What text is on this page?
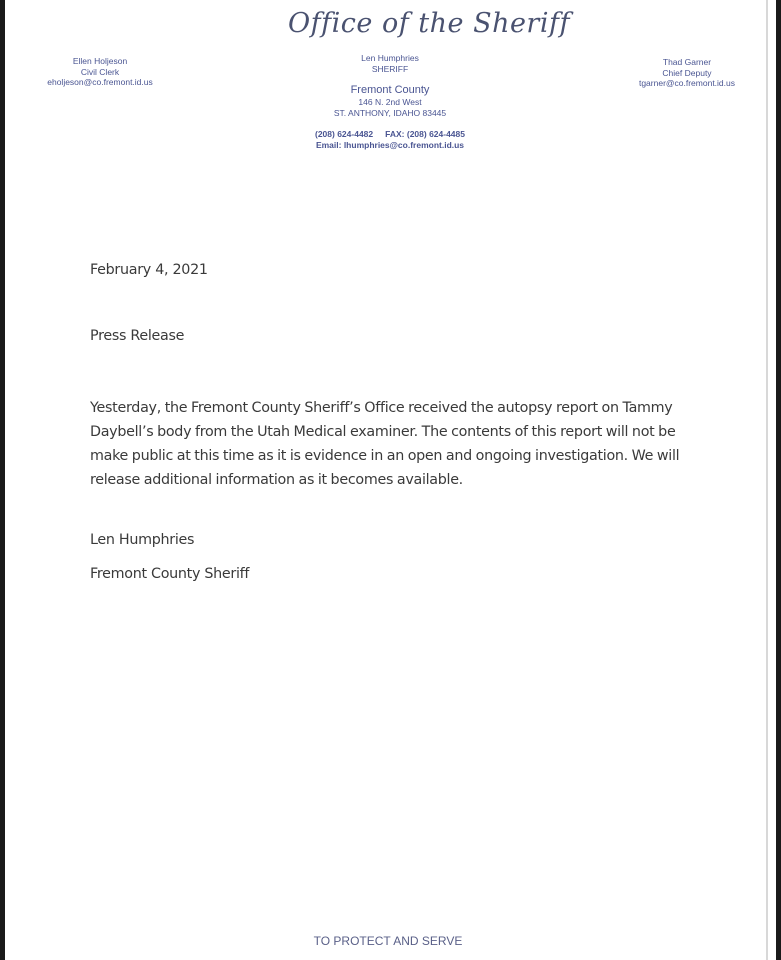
Office of the Sheriff
Ellen Holjeson
Civil Clerk
eholjeson@co.fremont.id.us
Len Humphries
SHERIFF
Fremont County
146 N. 2nd West
ST. ANTHONY, IDAHO 83445
(208) 624-4482 FAX: (208) 624-4485
Email: lhumphries@co.fremont.id.us
Thad Garner
Chief Deputy
tgarner@co.fremont.id.us
February 4, 2021
Press Release
Yesterday, the Fremont County Sheriff’s Office received the autopsy report on Tammy Daybell’s body from the Utah Medical examiner. The contents of this report will not be make public at this time as it is evidence in an open and ongoing investigation. We will release additional information as it becomes available.
Len Humphries
Fremont County Sheriff
TO PROTECT AND SERVE
